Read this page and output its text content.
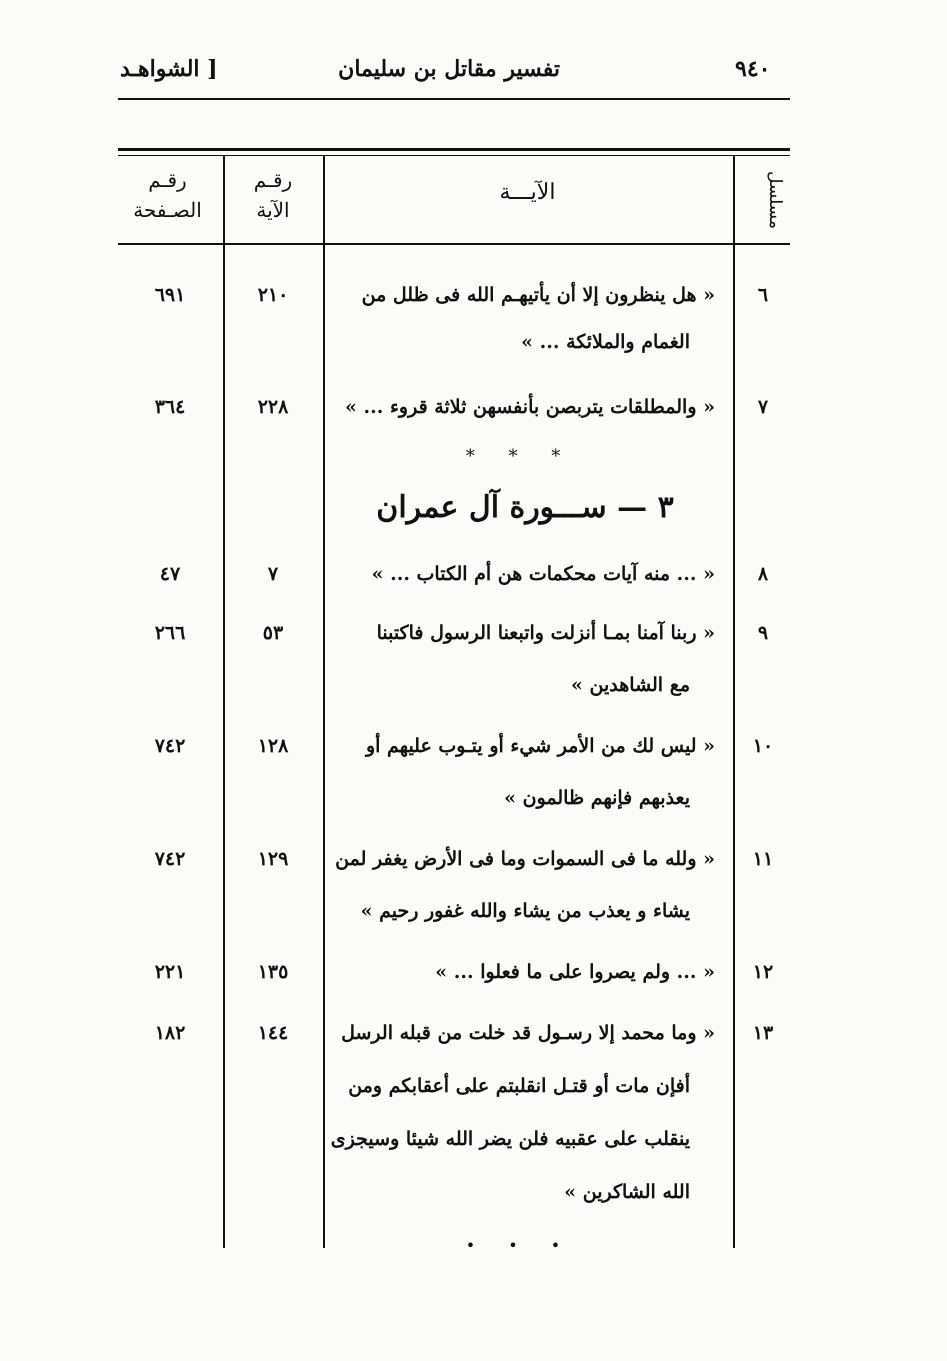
٩٤٠
تفسير مقاتل بن سليمان
[ الشواهـد
مسلسل
الآيـــة
رقـم الآية
رقـم الصـفحة
٦
« هل ينظرون إلا أن يأتيهـم الله فى ظلل من
الغمام والملائكة ... »
٢١٠
٦٩١
٧
« والمطلقات يتربصن بأنفسهن ثلاثة قروء ... »
٢٢٨
٣٦٤
* * *
٣ — ســـورة آل عمران
٨
« ... منه آيات محكمات هن أم الكتاب ... »
٧
٤٧
٩
« ربنا آمنا بمـا أنزلت واتبعنا الرسول فاكتبنا
مع الشاهدين »
٥٣
٢٦٦
١٠
« ليس لك من الأمر شيء أو يتـوب عليهم أو
يعذبهم فإنهم ظالمون »
١٢٨
٧٤٢
١١
« ولله ما فى السموات وما فى الأرض يغفر لمن
يشاء و يعذب من يشاء والله غفور رحيم »
١٢٩
٧٤٢
١٢
« ... ولم يصروا على ما فعلوا ... »
١٣٥
٢٢١
١٣
« وما محمد إلا رسـول قد خلت من قبله الرسل
أفإن مات أو قتـل انقلبتم على أعقابكم ومن
ينقلب على عقبيه فلن يضر الله شيئا وسيجزى
الله الشاكرين »
١٤٤
١٨٢
• • •
